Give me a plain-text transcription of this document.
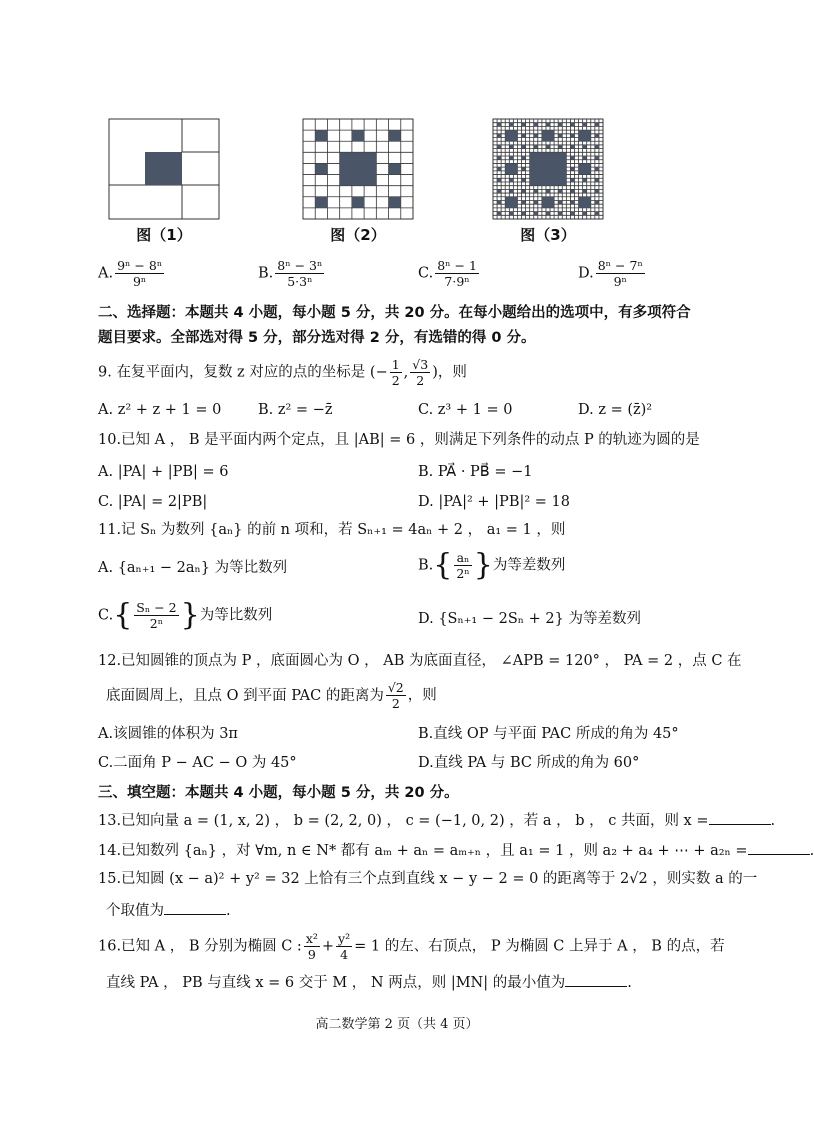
图（1）	图（2）	图（3）
A. $\frac{\text{9ⁿ − 8ⁿ}}{\text{9ⁿ}}$	B. $\frac{\text{8ⁿ − 3ⁿ}}{\text{5·3ⁿ}}$	C. $\frac{\text{8ⁿ − 1}}{\text{7·9ⁿ}}$	D. $\frac{\text{8ⁿ − 7ⁿ}}{\text{9ⁿ}}$
二、选择题：本题共 4 小题，每小题 5 分，共 20 分。在每小题给出的选项中，有多项符合
题目要求。全部选对得 5 分，部分选对得 2 分，有选错的得 0 分。
9. 在复平面内，复数 z 对应的点的坐标是 (− $\frac{1}{2}$ , $\frac{√3}{2}$ )，则
A. z² + z + 1 = 0	B. z² = −z̄	C. z³ + 1 = 0	D. z = (z̄)²
10.已知 A ， B 是平面内两个定点，且 |AB| = 6 ，则满足下列条件的动点 P 的轨迹为圆的是
A. |PA| + |PB| = 6	B. PA⃗ · PB⃗ = −1
C. |PA| = 2|PB|	D. |PA|² + |PB|² = 18
11.记 Sₙ 为数列 {aₙ} 的前 n 项和，若 Sₙ₊₁ = 4aₙ + 2 ， a₁ = 1 ，则
A. {aₙ₊₁ − 2aₙ} 为等比数列	$B.\{ \frac{\text{aₙ}}{\text{2ⁿ}}$ }为等差数列
$C.\{ \frac{\text{Sₙ − 2}}{\text{2ⁿ}}$ }为等比数列	D. {Sₙ₊₁ − 2Sₙ + 2} 为等差数列
12.已知圆锥的顶点为 P ，底面圆心为 O ， AB 为底面直径， ∠APB = 120° ， PA = 2 ，点 C 在
底面圆周上，且点 O 到平面 PAC 的距离为 $\frac{√2}{2}$ ，则
A.该圆锥的体积为 3π	B.直线 OP 与平面 PAC 所成的角为 45°
C.二面角 P − AC − O 为 45°	D.直线 PA 与 BC 所成的角为 60°
三、填空题：本题共 4 小题，每小题 5 分，共 20 分。
13.已知向量 a = (1, x, 2) ， b = (2, 2, 0) ， c = (−1, 0, 2) ，若 a ， b ， c 共面，则 x =	.
14.已知数列 {aₙ} ，对 ∀m, n ∈ N* 都有 aₘ + aₙ = aₘ₊ₙ ，且 a₁ = 1 ，则 a₂ + a₄ + ⋯ + a₂ₙ =	.
15.已知圆 (x − a)² + y² = 32 上恰有三个点到直线 x − y − 2 = 0 的距离等于 2√2 ，则实数 a 的一
个取值为	.
16.已知 A ， B 分别为椭圆 C : $\frac{\text{x²}}{9} + \frac{\text{y²}}{4} = 1$ 的左、右顶点， P 为椭圆 C 上异于 A ， B 的点，若
直线 PA ， PB 与直线 x = 6 交于 M ， N 两点，则 |MN| 的最小值为	.
高二数学第 2 页（共 4 页）
